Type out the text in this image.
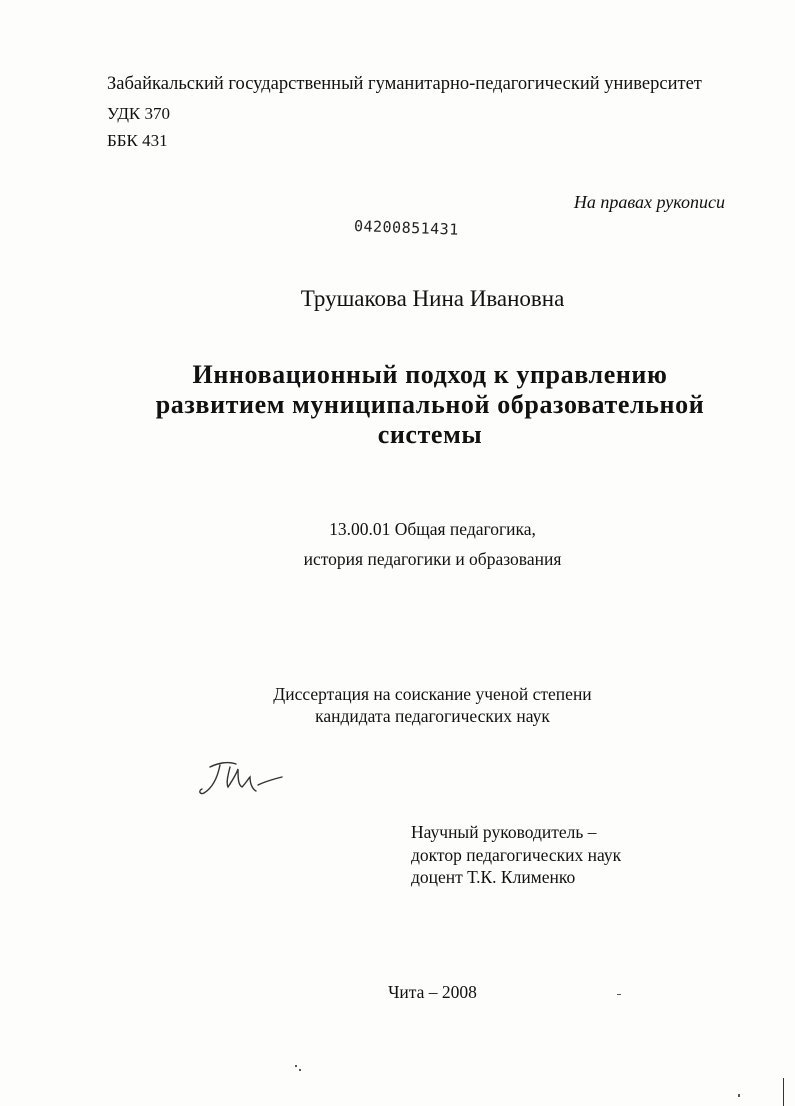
Забайкальский государственный гуманитарно-педагогический университет
УДК 370
ББК 431
На правах рукописи
04200851431
Трушакова Нина Ивановна
Инновационный подход к управлению
развитием муниципальной образовательной
системы
13.00.01 Общая педагогика,
история педагогики и образования
Диссертация на соискание ученой степени
кандидата педагогических наук
Научный руководитель –
доктор педагогических наук
доцент Т.К. Клименко
Чита – 2008
